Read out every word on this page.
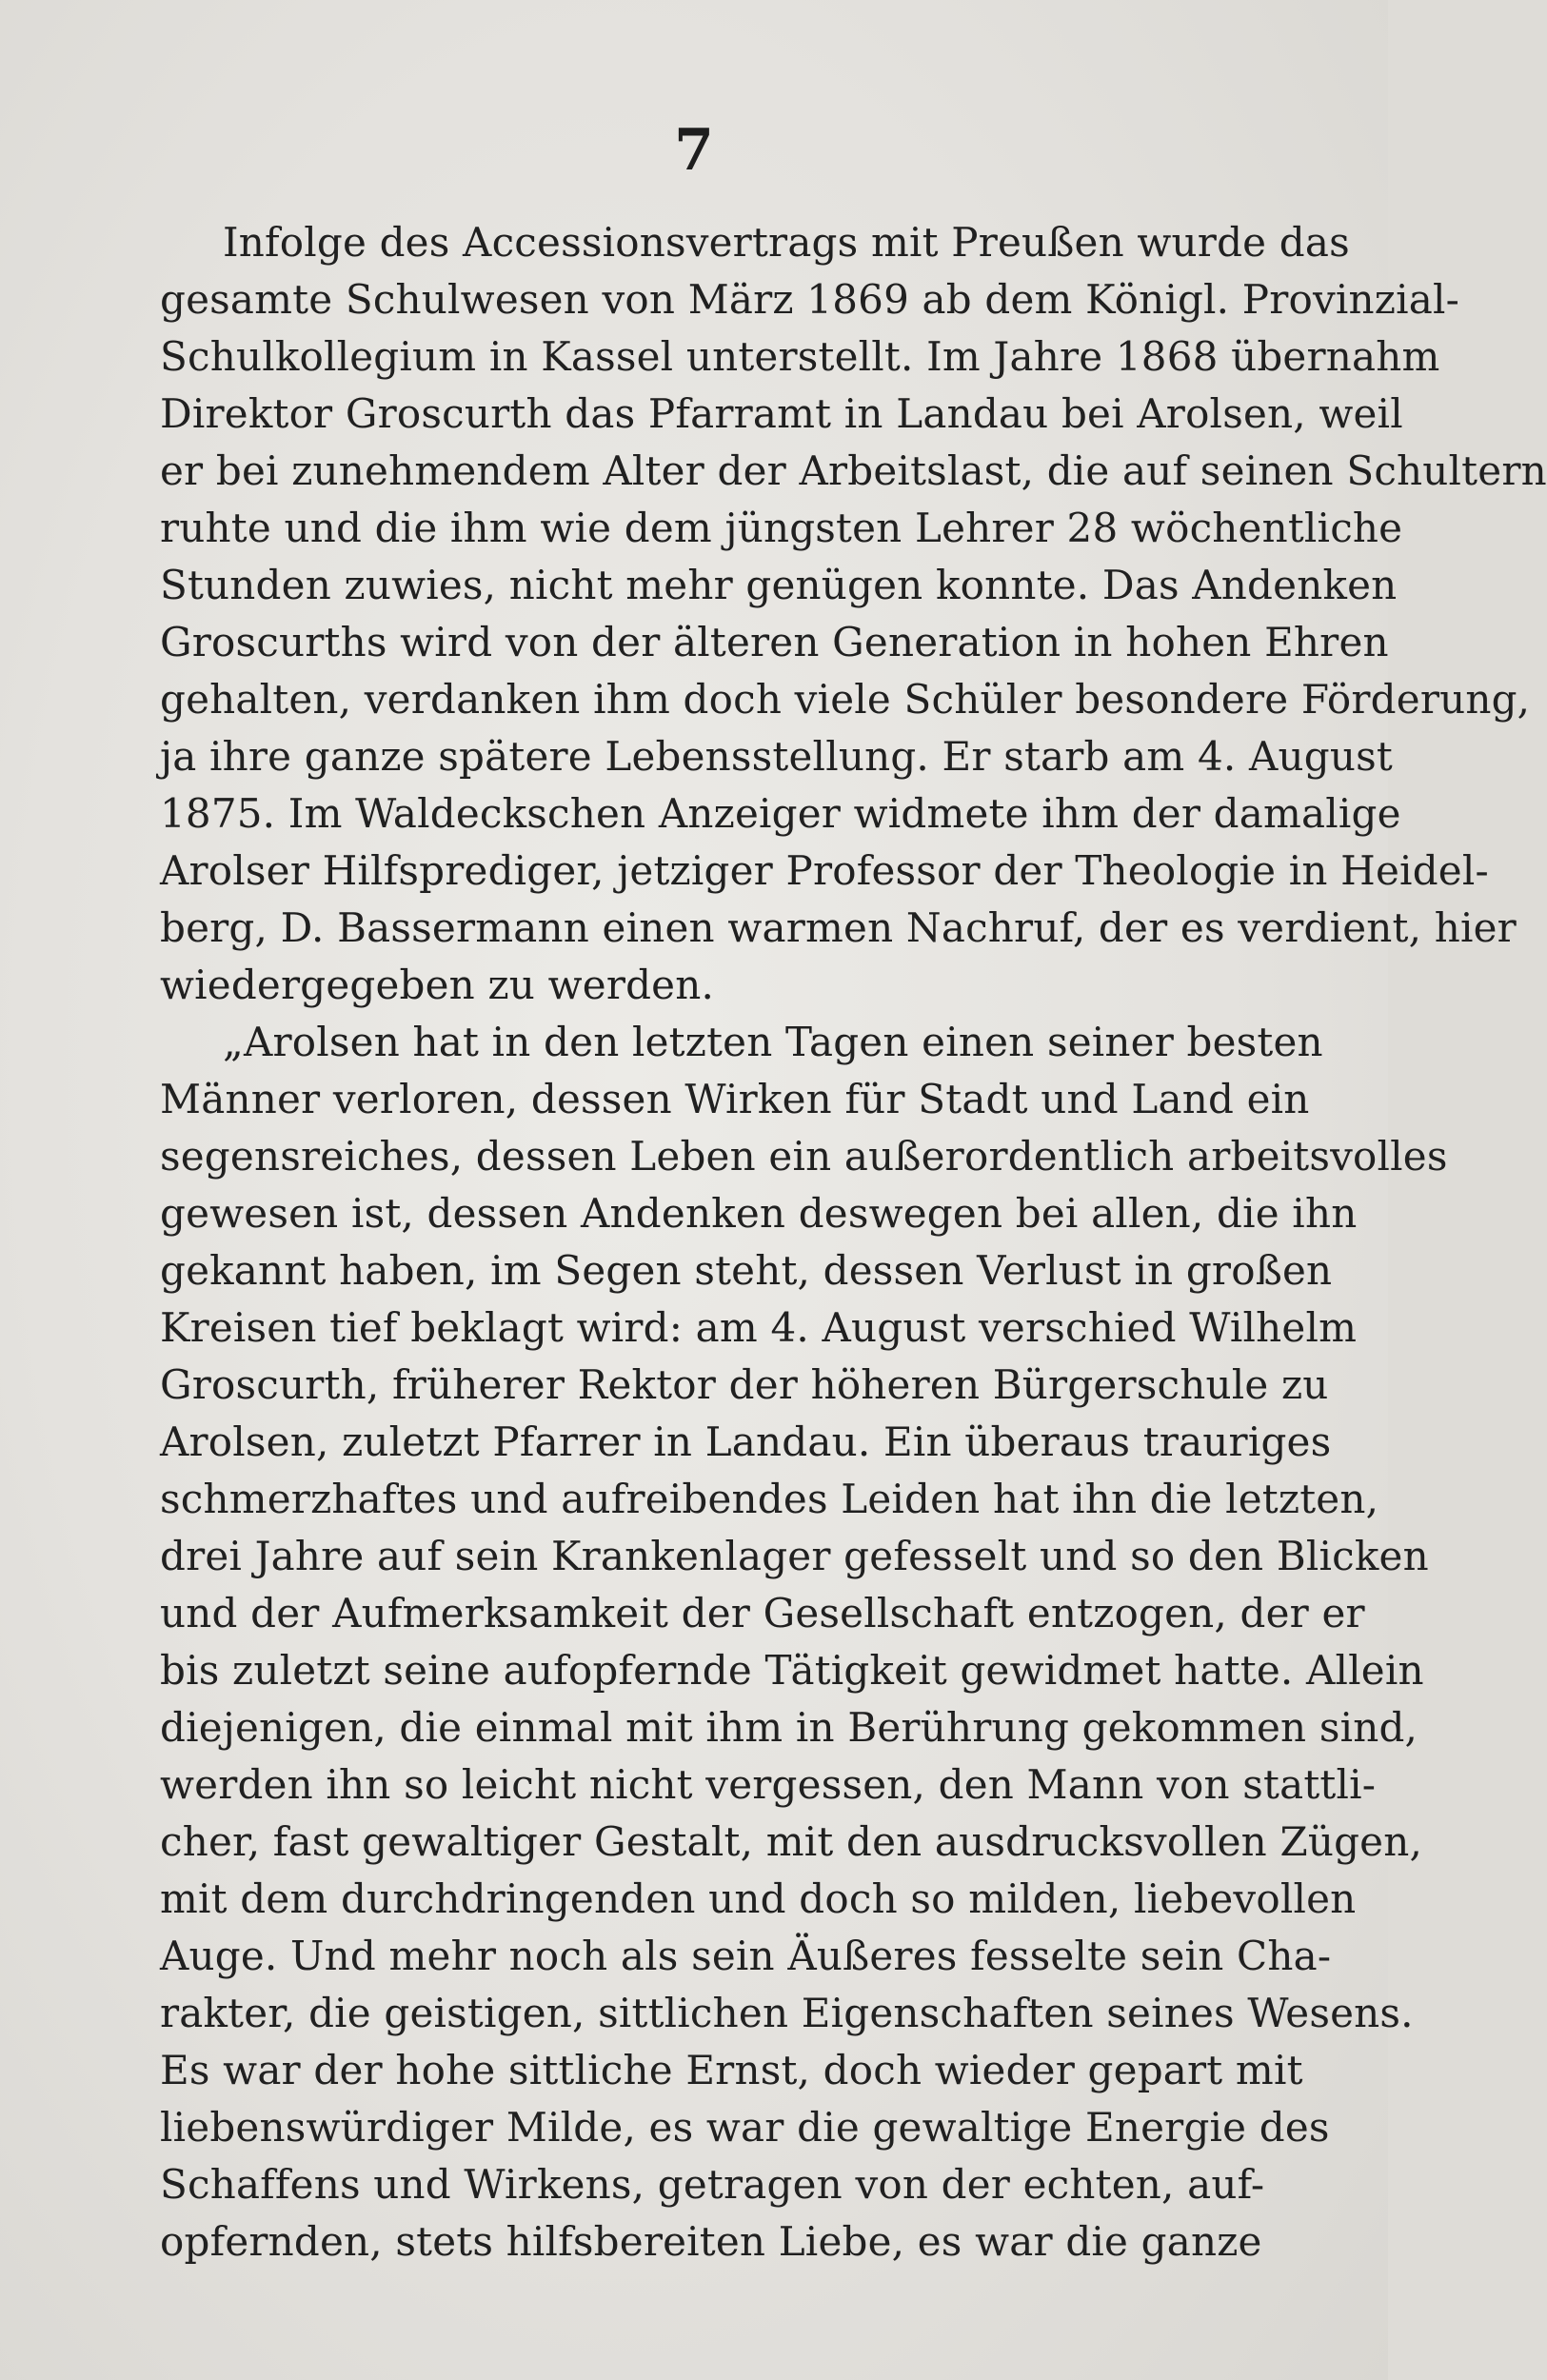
7
Infolge des Accessionsvertrags mit Preußen wurde das
gesamte Schulwesen von März 1869 ab dem Königl. Provinzial-
Schulkollegium in Kassel unterstellt. Im Jahre 1868 übernahm
Direktor Groscurth das Pfarramt in Landau bei Arolsen, weil
er bei zunehmendem Alter der Arbeitslast, die auf seinen Schultern
ruhte und die ihm wie dem jüngsten Lehrer 28 wöchentliche
Stunden zuwies, nicht mehr genügen konnte. Das Andenken
Groscurths wird von der älteren Generation in hohen Ehren
gehalten, verdanken ihm doch viele Schüler besondere Förderung,
ja ihre ganze spätere Lebensstellung. Er starb am 4. August
1875. Im Waldeckschen Anzeiger widmete ihm der damalige
Arolser Hilfsprediger, jetziger Professor der Theologie in Heidel-
berg, D. Bassermann einen warmen Nachruf, der es verdient, hier
wiedergegeben zu werden.
„Arolsen hat in den letzten Tagen einen seiner besten
Männer verloren, dessen Wirken für Stadt und Land ein
segensreiches, dessen Leben ein außerordentlich arbeitsvolles
gewesen ist, dessen Andenken deswegen bei allen, die ihn
gekannt haben, im Segen steht, dessen Verlust in großen
Kreisen tief beklagt wird: am 4. August verschied Wilhelm
Groscurth, früherer Rektor der höheren Bürgerschule zu
Arolsen, zuletzt Pfarrer in Landau. Ein überaus trauriges
schmerzhaftes und aufreibendes Leiden hat ihn die letzten,
drei Jahre auf sein Krankenlager gefesselt und so den Blicken
und der Aufmerksamkeit der Gesellschaft entzogen, der er
bis zuletzt seine aufopfernde Tätigkeit gewidmet hatte. Allein
diejenigen, die einmal mit ihm in Berührung gekommen sind,
werden ihn so leicht nicht vergessen, den Mann von stattli-
cher, fast gewaltiger Gestalt, mit den ausdrucksvollen Zügen,
mit dem durchdringenden und doch so milden, liebevollen
Auge. Und mehr noch als sein Äußeres fesselte sein Cha-
rakter, die geistigen, sittlichen Eigenschaften seines Wesens.
Es war der hohe sittliche Ernst, doch wieder gepart mit
liebenswürdiger Milde, es war die gewaltige Energie des
Schaffens und Wirkens, getragen von der echten, auf-
opfernden, stets hilfsbereiten Liebe, es war die ganze
